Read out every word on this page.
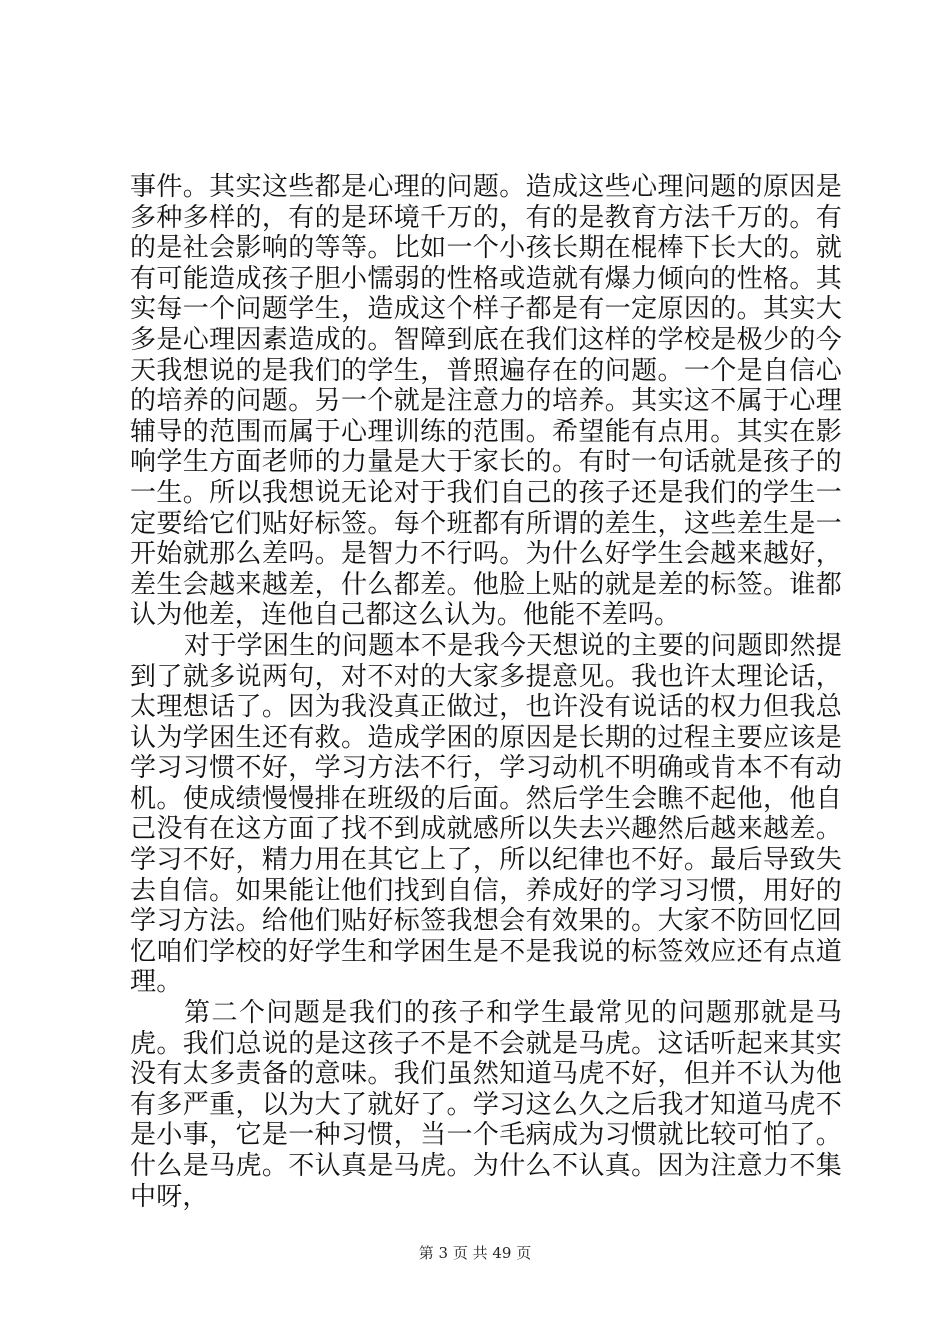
事件。其实这些都是心理的问题。造成这些心理问题的原因是多种多样的，有的是环境千万的，有的是教育方法千万的。有的是社会影响的等等。比如一个小孩长期在棍棒下长大的。就有可能造成孩子胆小懦弱的性格或造就有爆力倾向的性格。其实每一个问题学生，造成这个样子都是有一定原因的。其实大多是心理因素造成的。智障到底在我们这样的学校是极少的今天我想说的是我们的学生，普照遍存在的问题。一个是自信心的培养的问题。另一个就是注意力的培养。其实这不属于心理辅导的范围而属于心理训练的范围。希望能有点用。其实在影响学生方面老师的力量是大于家长的。有时一句话就是孩子的一生。所以我想说无论对于我们自己的孩子还是我们的学生一定要给它们贴好标签。每个班都有所谓的差生，这些差生是一开始就那么差吗。是智力不行吗。为什么好学生会越来越好，差生会越来越差，什么都差。他脸上贴的就是差的标签。谁都认为他差，连他自己都这么认为。他能不差吗。

对于学困生的问题本不是我今天想说的主要的问题即然提到了就多说两句，对不对的大家多提意见。我也许太理论话，太理想话了。因为我没真正做过，也许没有说话的权力但我总认为学困生还有救。造成学困的原因是长期的过程主要应该是学习习惯不好，学习方法不行，学习动机不明确或肯本不有动机。使成绩慢慢排在班级的后面。然后学生会瞧不起他，他自己没有在这方面了找不到成就感所以失去兴趣然后越来越差。学习不好，精力用在其它上了，所以纪律也不好。最后导致失去自信。如果能让他们找到自信，养成好的学习习惯，用好的学习方法。给他们贴好标签我想会有效果的。大家不防回忆回忆咱们学校的好学生和学困生是不是我说的标签效应还有点道理。

第二个问题是我们的孩子和学生最常见的问题那就是马虎。我们总说的是这孩子不是不会就是马虎。这话听起来其实没有太多责备的意味。我们虽然知道马虎不好，但并不认为他有多严重，以为大了就好了。学习这么久之后我才知道马虎不是小事，它是一种习惯，当一个毛病成为习惯就比较可怕了。什么是马虎。不认真是马虎。为什么不认真。因为注意力不集中呀，

第 3 页 共 49 页
